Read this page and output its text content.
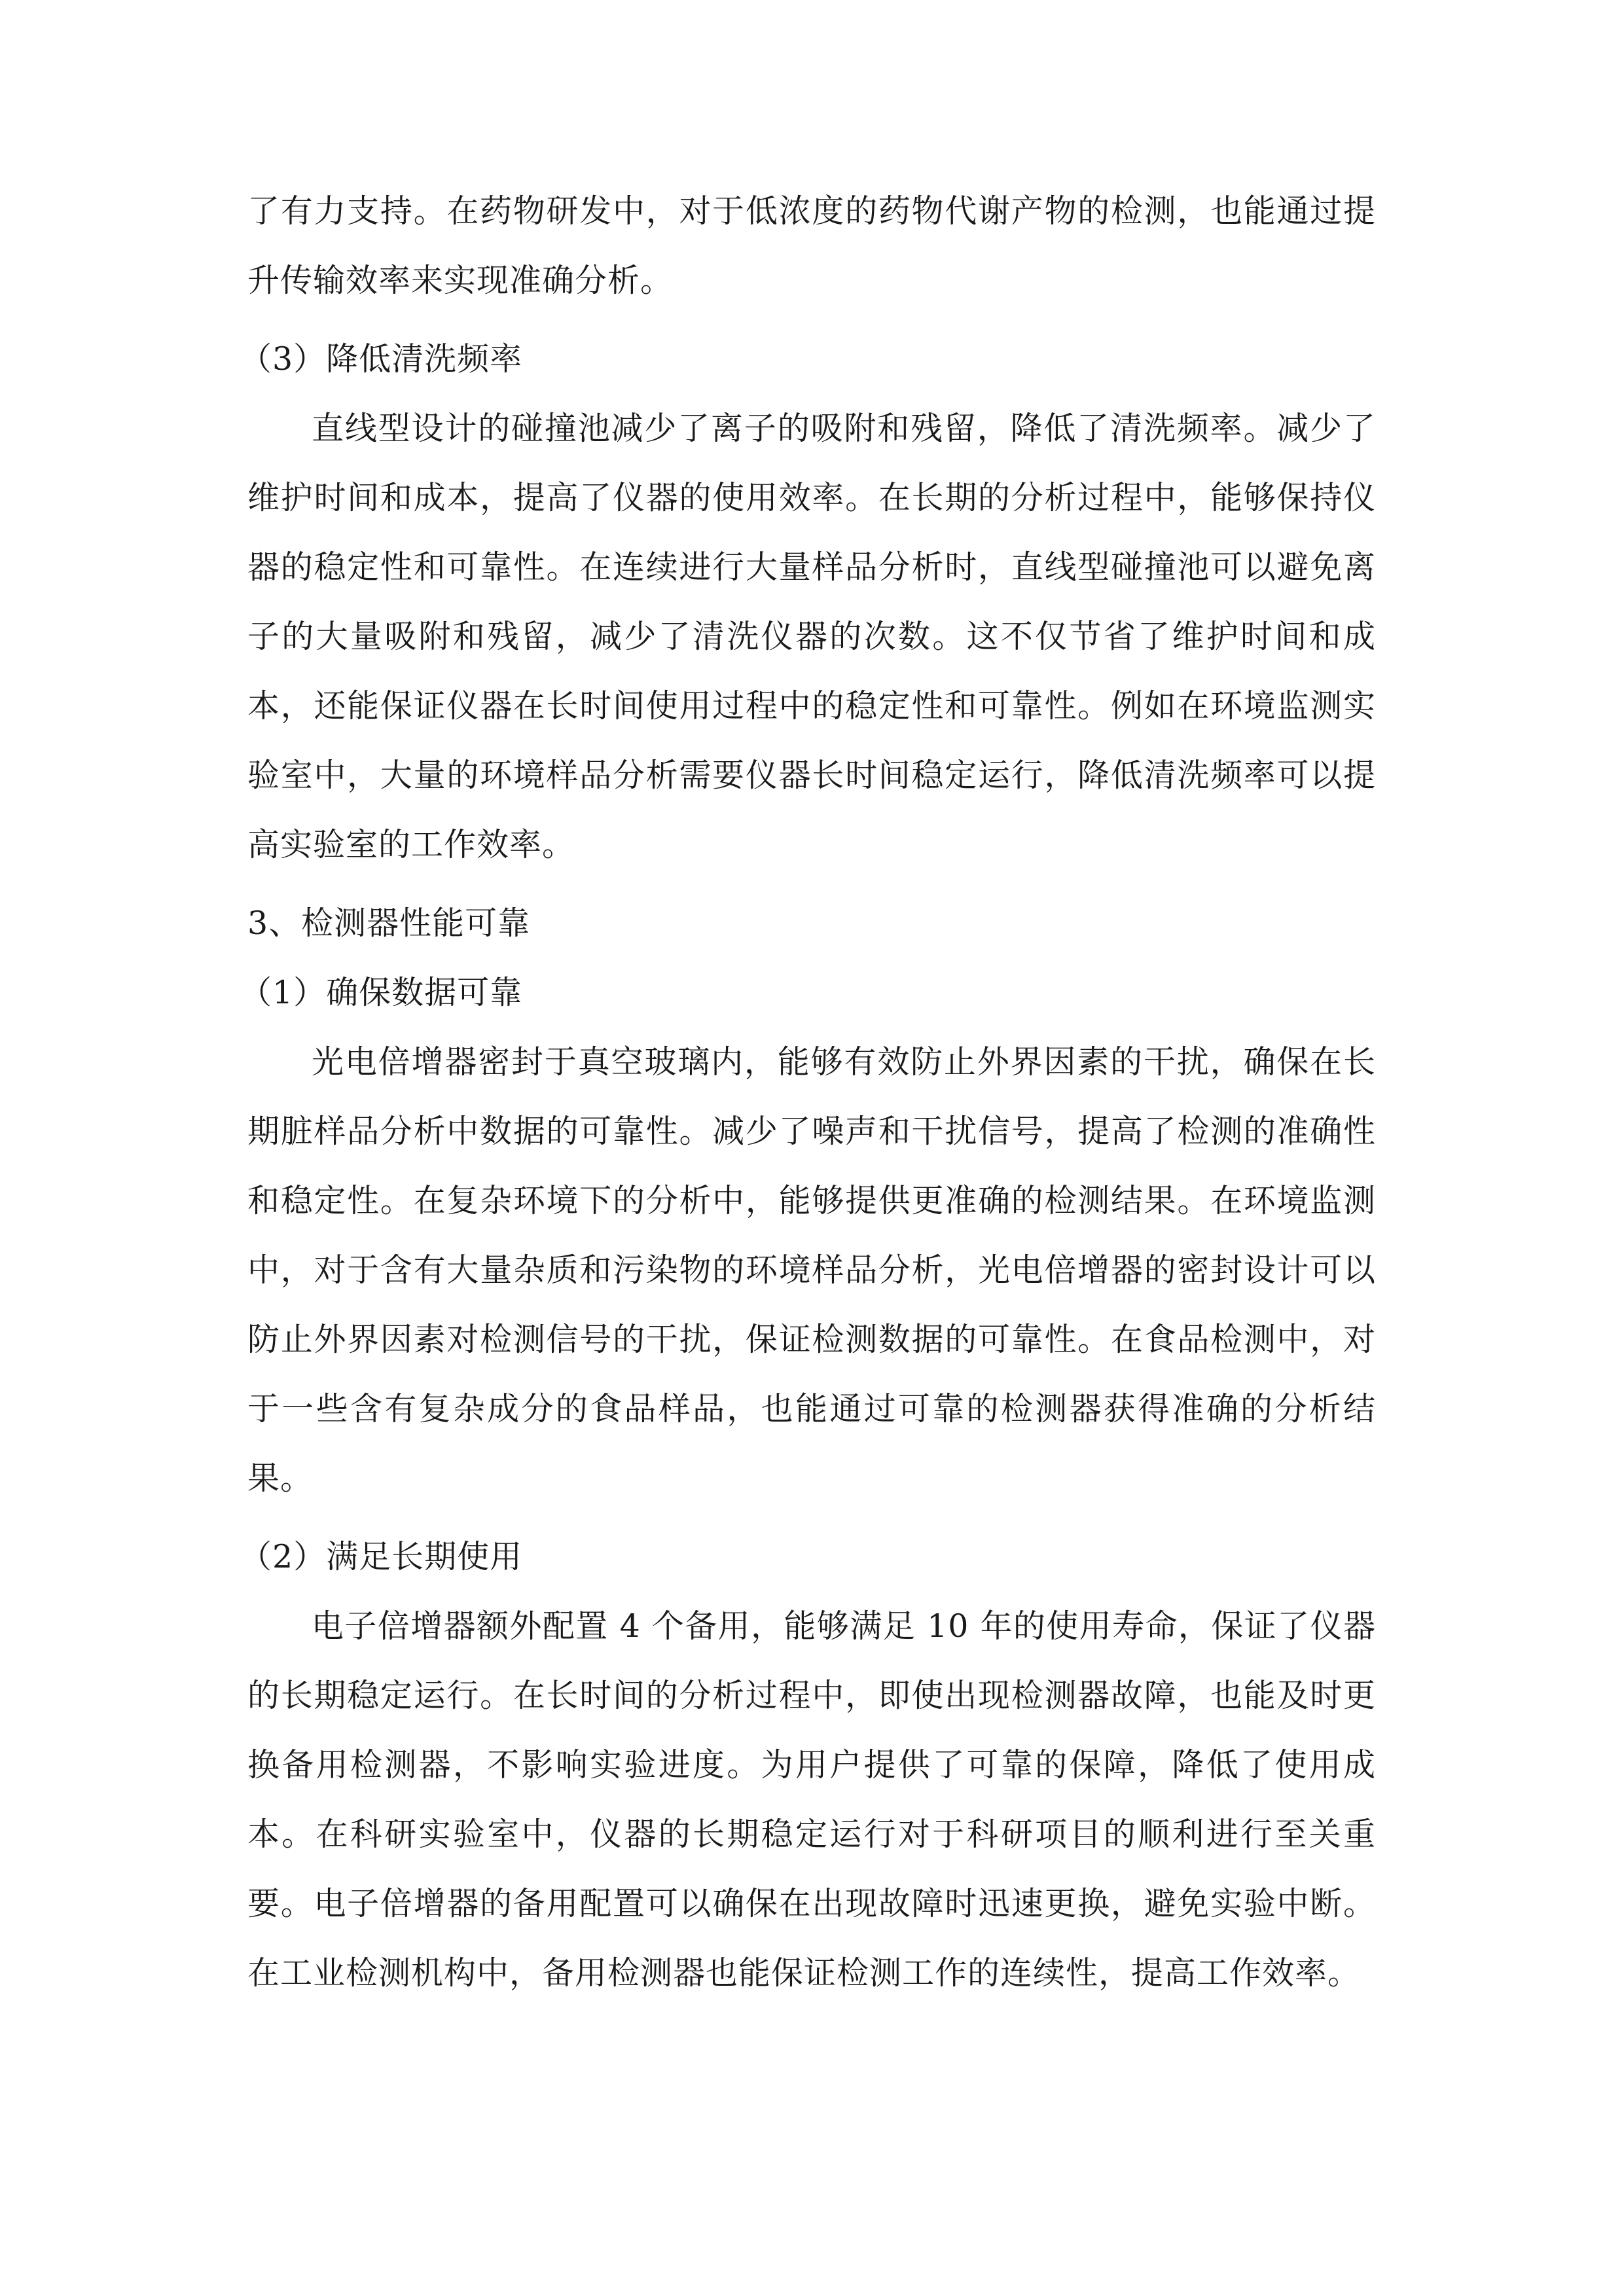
了有力支持。在药物研发中，对于低浓度的药物代谢产物的检测，也能通过提升传输效率来实现准确分析。

（3）降低清洗频率

直线型设计的碰撞池减少了离子的吸附和残留，降低了清洗频率。减少了维护时间和成本，提高了仪器的使用效率。在长期的分析过程中，能够保持仪器的稳定性和可靠性。在连续进行大量样品分析时，直线型碰撞池可以避免离子的大量吸附和残留，减少了清洗仪器的次数。这不仅节省了维护时间和成本，还能保证仪器在长时间使用过程中的稳定性和可靠性。例如在环境监测实验室中，大量的环境样品分析需要仪器长时间稳定运行，降低清洗频率可以提高实验室的工作效率。

3、检测器性能可靠

（1）确保数据可靠

光电倍增器密封于真空玻璃内，能够有效防止外界因素的干扰，确保在长期脏样品分析中数据的可靠性。减少了噪声和干扰信号，提高了检测的准确性和稳定性。在复杂环境下的分析中，能够提供更准确的检测结果。在环境监测中，对于含有大量杂质和污染物的环境样品分析，光电倍增器的密封设计可以防止外界因素对检测信号的干扰，保证检测数据的可靠性。在食品检测中，对于一些含有复杂成分的食品样品，也能通过可靠的检测器获得准确的分析结果。

（2）满足长期使用

电子倍增器额外配置 4 个备用，能够满足 10 年的使用寿命，保证了仪器的长期稳定运行。在长时间的分析过程中，即使出现检测器故障，也能及时更换备用检测器，不影响实验进度。为用户提供了可靠的保障，降低了使用成本。在科研实验室中，仪器的长期稳定运行对于科研项目的顺利进行至关重要。电子倍增器的备用配置可以确保在出现故障时迅速更换，避免实验中断。在工业检测机构中，备用检测器也能保证检测工作的连续性，提高工作效率。
